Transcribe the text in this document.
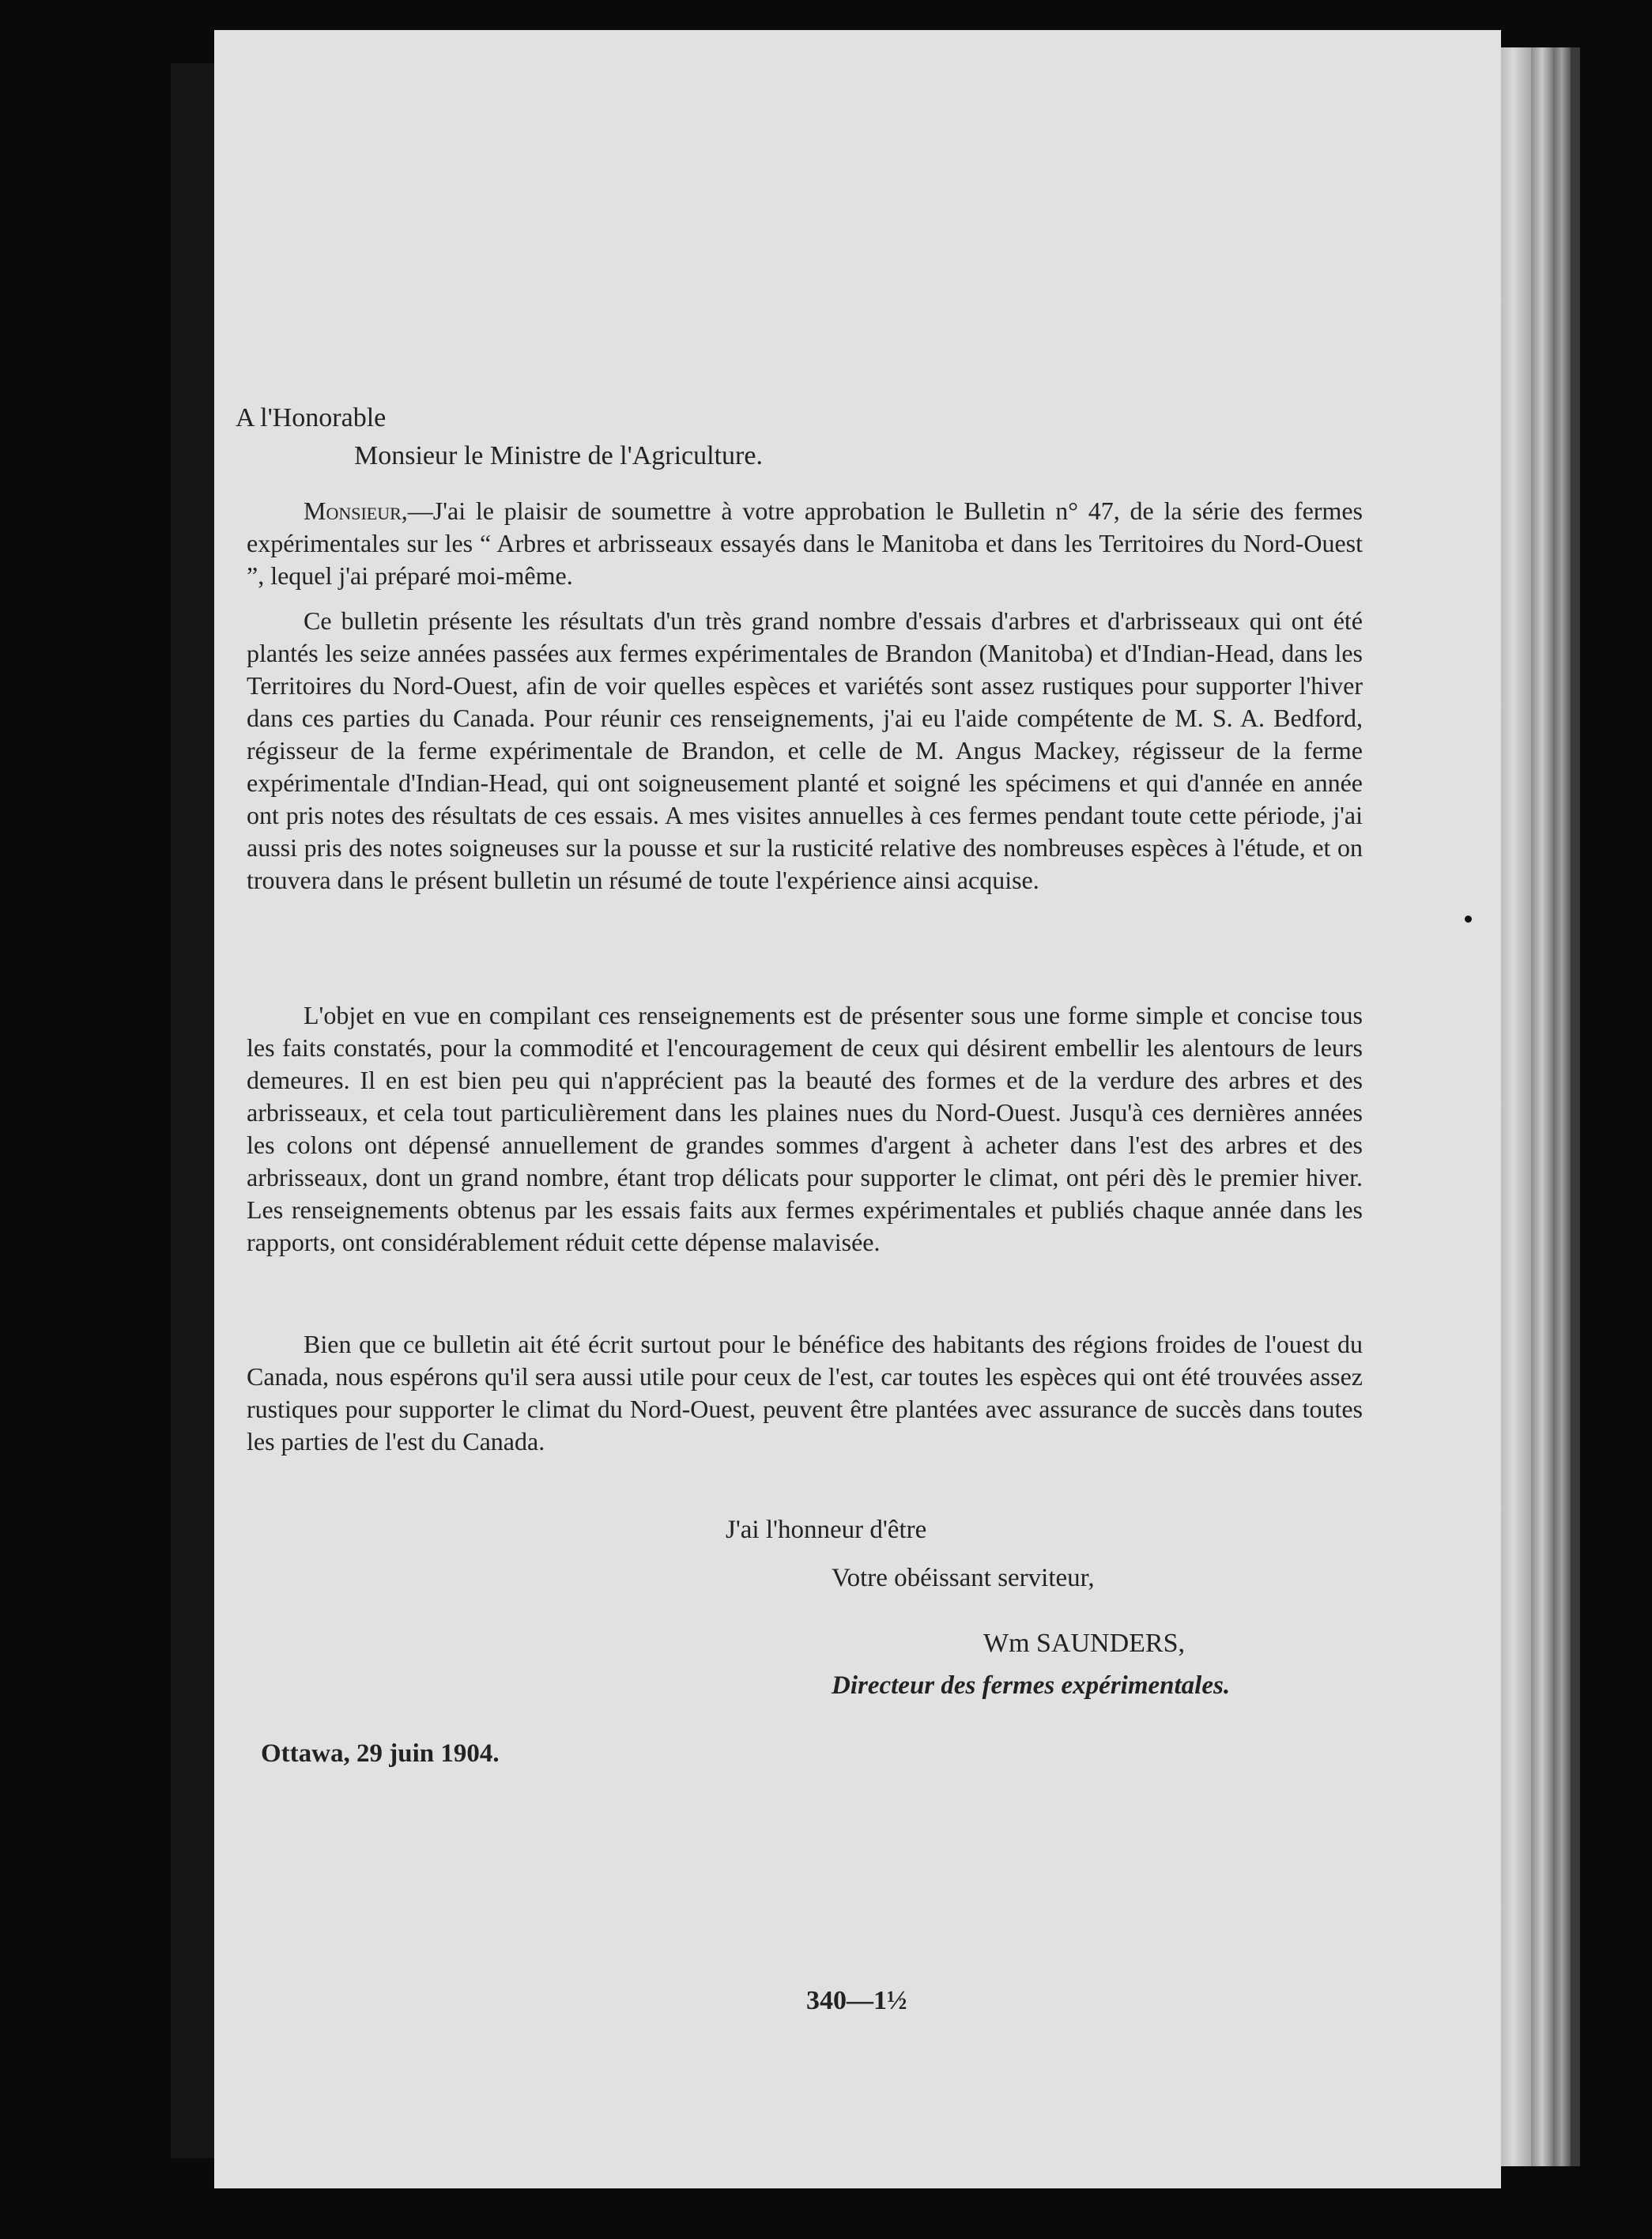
A l'Honorable
Monsieur le Ministre de l'Agriculture.

Monsieur,—J'ai le plaisir de soumettre à votre approbation le Bulletin n° 47, de la série des fermes expérimentales sur les “ Arbres et arbrisseaux essayés dans le Manitoba et dans les Territoires du Nord-Ouest ”, lequel j'ai préparé moi-même.

Ce bulletin présente les résultats d'un très grand nombre d'essais d'arbres et d'arbrisseaux qui ont été plantés les seize années passées aux fermes expérimentales de Brandon (Manitoba) et d'Indian-Head, dans les Territoires du Nord-Ouest, afin de voir quelles espèces et variétés sont assez rustiques pour supporter l'hiver dans ces parties du Canada. Pour réunir ces renseignements, j'ai eu l'aide compétente de M. S. A. Bedford, régisseur de la ferme expérimentale de Brandon, et celle de M. Angus Mackey, régisseur de la ferme expérimentale d'Indian-Head, qui ont soigneusement planté et soigné les spécimens et qui d'année en année ont pris notes des résultats de ces essais. A mes visites annuelles à ces fermes pendant toute cette période, j'ai aussi pris des notes soigneuses sur la pousse et sur la rusticité relative des nombreuses espèces à l'étude, et on trouvera dans le présent bulletin un résumé de toute l'expérience ainsi acquise.

L'objet en vue en compilant ces renseignements est de présenter sous une forme simple et concise tous les faits constatés, pour la commodité et l'encouragement de ceux qui désirent embellir les alentours de leurs demeures. Il en est bien peu qui n'apprécient pas la beauté des formes et de la verdure des arbres et des arbrisseaux, et cela tout particulièrement dans les plaines nues du Nord-Ouest. Jusqu'à ces dernières années les colons ont dépensé annuellement de grandes sommes d'argent à acheter dans l'est des arbres et des arbrisseaux, dont un grand nombre, étant trop délicats pour supporter le climat, ont péri dès le premier hiver. Les renseignements obtenus par les essais faits aux fermes expérimentales et publiés chaque année dans les rapports, ont considérablement réduit cette dépense malavisée.

Bien que ce bulletin ait été écrit surtout pour le bénéfice des habitants des régions froides de l'ouest du Canada, nous espérons qu'il sera aussi utile pour ceux de l'est, car toutes les espèces qui ont été trouvées assez rustiques pour supporter le climat du Nord-Ouest, peuvent être plantées avec assurance de succès dans toutes les parties de l'est du Canada.

J'ai l'honneur d'être
Votre obéissant serviteur,
Wm SAUNDERS,
Directeur des fermes expérimentales.
Ottawa, 29 juin 1904.
340—1½
